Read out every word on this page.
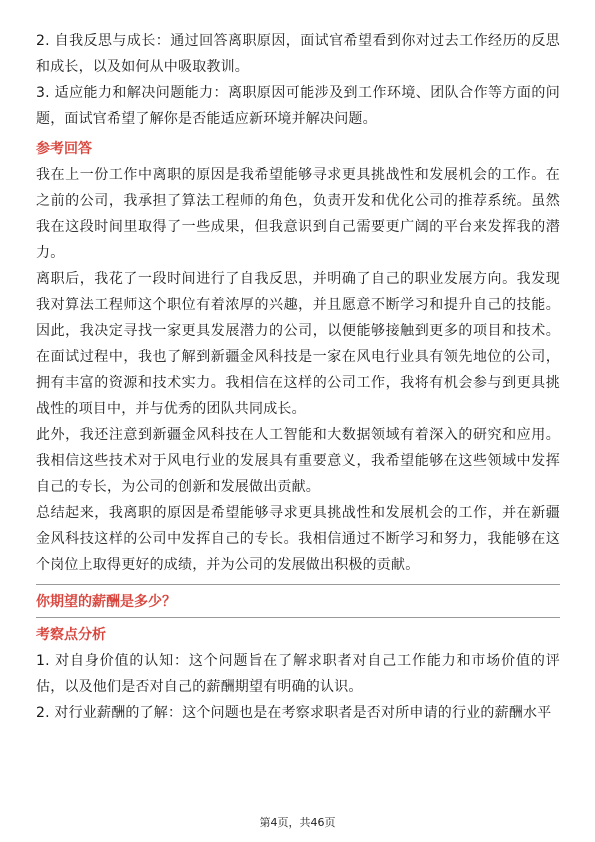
2. 自我反思与成长：通过回答离职原因，面试官希望看到你对过去工作经历的反思和成长，以及如何从中吸取教训。

3. 适应能力和解决问题能力：离职原因可能涉及到工作环境、团队合作等方面的问题，面试官希望了解你是否能适应新环境并解决问题。

参考回答

我在上一份工作中离职的原因是我希望能够寻求更具挑战性和发展机会的工作。在之前的公司，我承担了算法工程师的角色，负责开发和优化公司的推荐系统。虽然我在这段时间里取得了一些成果，但我意识到自己需要更广阔的平台来发挥我的潜力。

离职后，我花了一段时间进行了自我反思，并明确了自己的职业发展方向。我发现我对算法工程师这个职位有着浓厚的兴趣，并且愿意不断学习和提升自己的技能。因此，我决定寻找一家更具发展潜力的公司，以便能够接触到更多的项目和技术。在面试过程中，我也了解到新疆金风科技是一家在风电行业具有领先地位的公司，拥有丰富的资源和技术实力。我相信在这样的公司工作，我将有机会参与到更具挑战性的项目中，并与优秀的团队共同成长。

此外，我还注意到新疆金风科技在人工智能和大数据领域有着深入的研究和应用。我相信这些技术对于风电行业的发展具有重要意义，我希望能够在这些领域中发挥自己的专长，为公司的创新和发展做出贡献。

总结起来，我离职的原因是希望能够寻求更具挑战性和发展机会的工作，并在新疆金风科技这样的公司中发挥自己的专长。我相信通过不断学习和努力，我能够在这个岗位上取得更好的成绩，并为公司的发展做出积极的贡献。

你期望的薪酬是多少？

考察点分析

1. 对自身价值的认知：这个问题旨在了解求职者对自己工作能力和市场价值的评估，以及他们是否对自己的薪酬期望有明确的认识。

2. 对行业薪酬的了解：这个问题也是在考察求职者是否对所申请的行业的薪酬水平

第4页，共46页
